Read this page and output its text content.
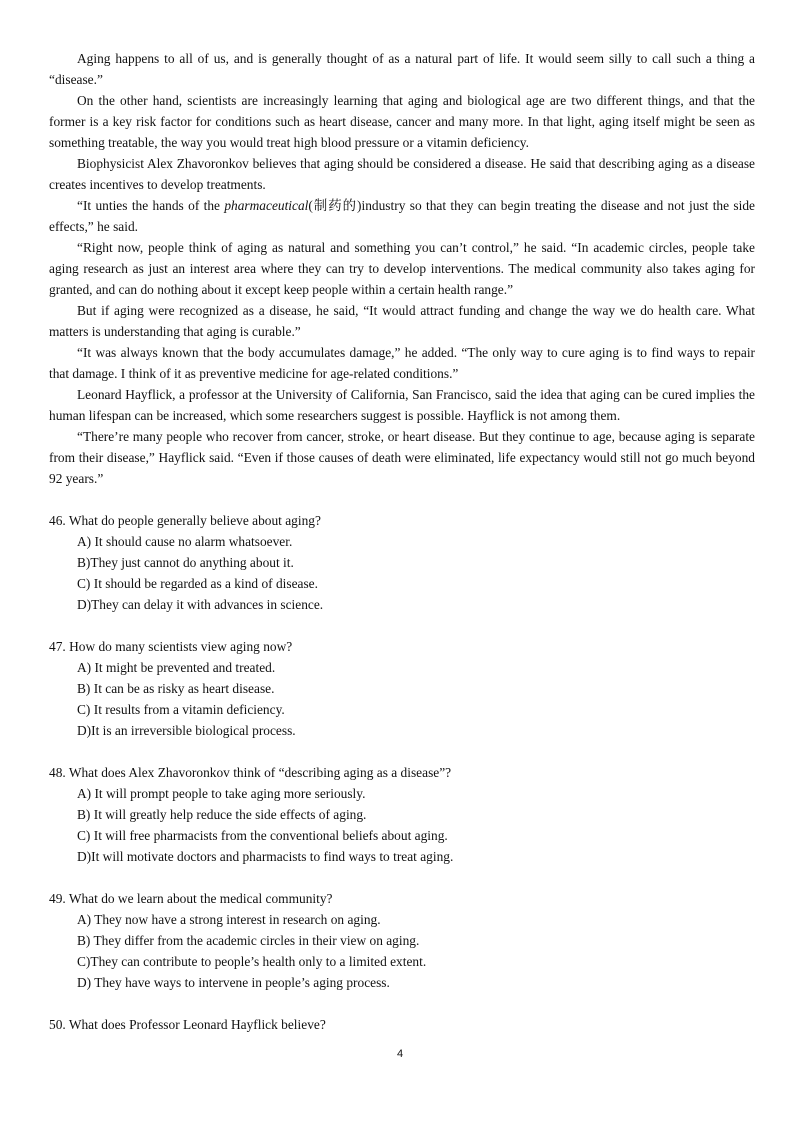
Aging happens to all of us, and is generally thought of as a natural part of life. It would seem silly to call such a thing a “disease.”

On the other hand, scientists are increasingly learning that aging and biological age are two different things, and that the former is a key risk factor for conditions such as heart disease, cancer and many more. In that light, aging itself might be seen as something treatable, the way you would treat high blood pressure or a vitamin deficiency.

Biophysicist Alex Zhavoronkov believes that aging should be considered a disease. He said that describing aging as a disease creates incentives to develop treatments.

“It unties the hands of the pharmaceutical(制药的)industry so that they can begin treating the disease and not just the side effects,” he said.

“Right now, people think of aging as natural and something you can’t control,” he said. “In academic circles, people take aging research as just an interest area where they can try to develop interventions. The medical community also takes aging for granted, and can do nothing about it except keep people within a certain health range.”

But if aging were recognized as a disease, he said, “It would attract funding and change the way we do health care. What matters is understanding that aging is curable.”

“It was always known that the body accumulates damage,” he added. “The only way to cure aging is to find ways to repair that damage. I think of it as preventive medicine for age-related conditions.”

Leonard Hayflick, a professor at the University of California, San Francisco, said the idea that aging can be cured implies the human lifespan can be increased, which some researchers suggest is possible. Hayflick is not among them.

“There’re many people who recover from cancer, stroke, or heart disease. But they continue to age, because aging is separate from their disease,” Hayflick said. “Even if those causes of death were eliminated, life expectancy would still not go much beyond 92 years.”

46. What do people generally believe about aging?

A) It should cause no alarm whatsoever.

B)They just cannot do anything about it.

C) It should be regarded as a kind of disease.

D)They can delay it with advances in science.

47. How do many scientists view aging now?

A) It might be prevented and treated.

B) It can be as risky as heart disease.

C) It results from a vitamin deficiency.

D)It is an irreversible biological process.

48. What does Alex Zhavoronkov think of “describing aging as a disease”?

A) It will prompt people to take aging more seriously.

B) It will greatly help reduce the side effects of aging.

C) It will free pharmacists from the conventional beliefs about aging.

D)It will motivate doctors and pharmacists to find ways to treat aging.

49. What do we learn about the medical community?

A) They now have a strong interest in research on aging.

B) They differ from the academic circles in their view on aging.

C)They can contribute to people’s health only to a limited extent.

D) They have ways to intervene in people’s aging process.

50. What does Professor Leonard Hayflick believe?

4
